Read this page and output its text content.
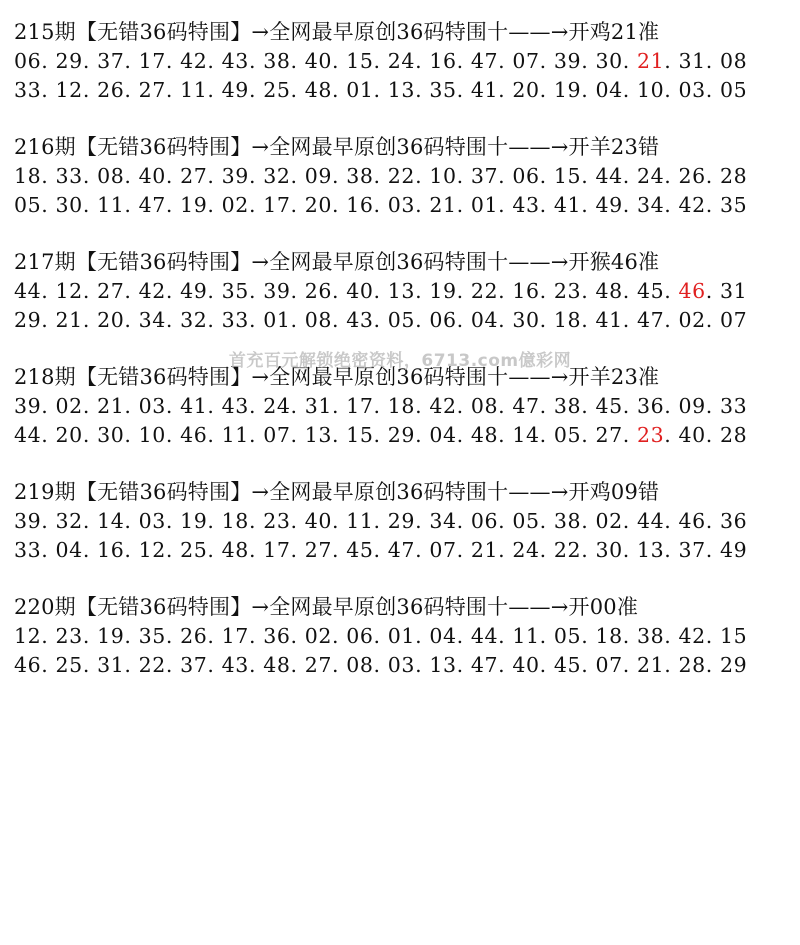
215期【无错36码特围】→全网最早原创36码特围十——→开鸡21准
06. 29. 37. 17. 42. 43. 38. 40. 15. 24. 16. 47. 07. 39. 30. 21. 31. 08
33. 12. 26. 27. 11. 49. 25. 48. 01. 13. 35. 41. 20. 19. 04. 10. 03. 05
216期【无错36码特围】→全网最早原创36码特围十——→开羊23错
18. 33. 08. 40. 27. 39. 32. 09. 38. 22. 10. 37. 06. 15. 44. 24. 26. 28
05. 30. 11. 47. 19. 02. 17. 20. 16. 03. 21. 01. 43. 41. 49. 34. 42. 35
217期【无错36码特围】→全网最早原创36码特围十——→开猴46准
44. 12. 27. 42. 49. 35. 39. 26. 40. 13. 19. 22. 16. 23. 48. 45. 46. 31
29. 21. 20. 34. 32. 33. 01. 08. 43. 05. 06. 04. 30. 18. 41. 47. 02. 07
218期【无错36码特围】→全网最早原创36码特围十——→开羊23准
39. 02. 21. 03. 41. 43. 24. 31. 17. 18. 42. 08. 47. 38. 45. 36. 09. 33
44. 20. 30. 10. 46. 11. 07. 13. 15. 29. 04. 48. 14. 05. 27. 23. 40. 28
219期【无错36码特围】→全网最早原创36码特围十——→开鸡09错
39. 32. 14. 03. 19. 18. 23. 40. 11. 29. 34. 06. 05. 38. 02. 44. 46. 36
33. 04. 16. 12. 25. 48. 17. 27. 45. 47. 07. 21. 24. 22. 30. 13. 37. 49
220期【无错36码特围】→全网最早原创36码特围十——→开00准
12. 23. 19. 35. 26. 17. 36. 02. 06. 01. 04. 44. 11. 05. 18. 38. 42. 15
46. 25. 31. 22. 37. 43. 48. 27. 08. 03. 13. 47. 40. 45. 07. 21. 28. 29
首充百元解锁绝密资料，6713.com億彩网
